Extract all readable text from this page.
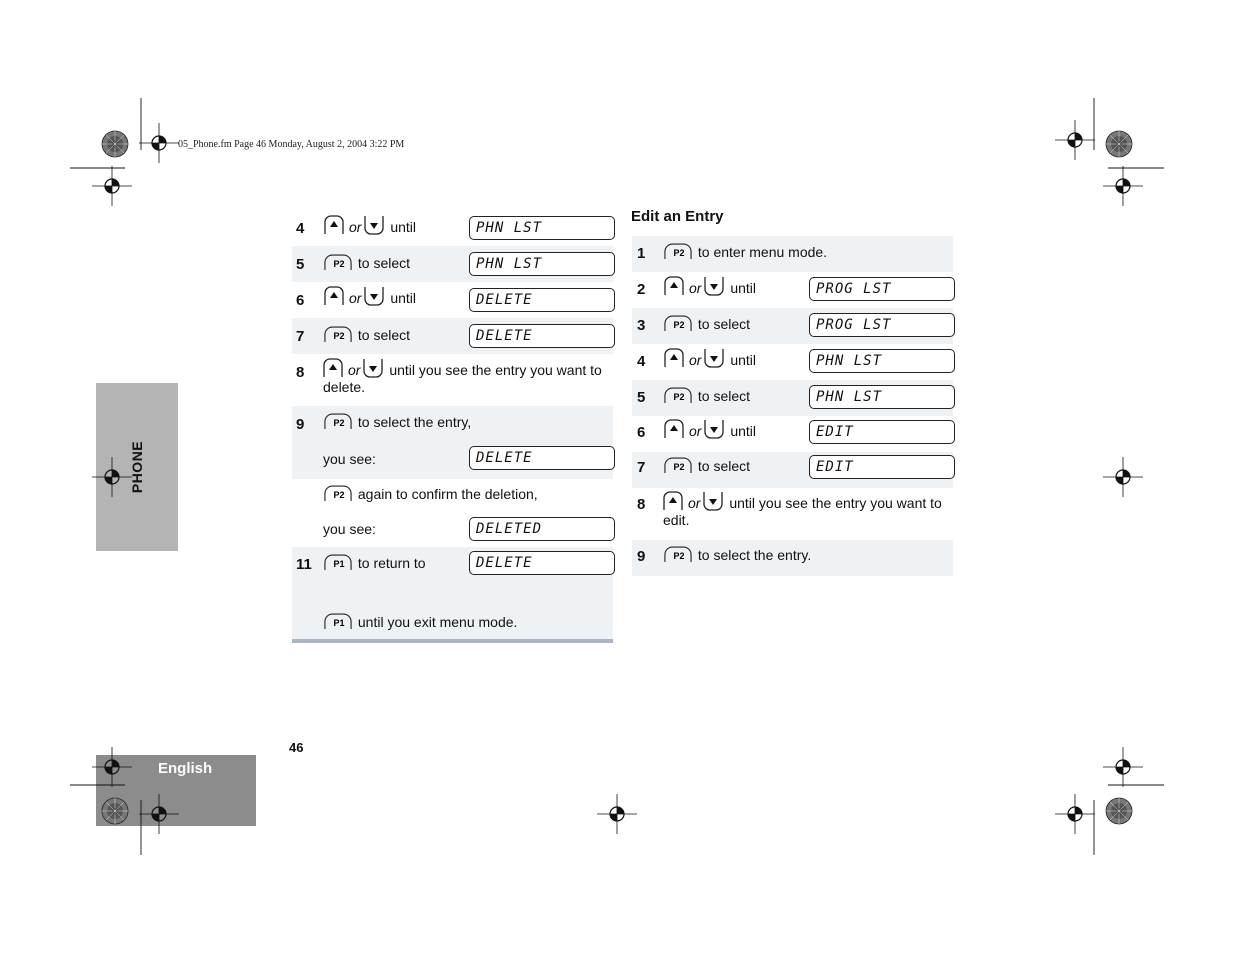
05_Phone.fm Page 46 Monday, August 2, 2004 3:22 PM
PHONE
English
46
4	or until	PHN LST
5	P2 to select	PHN LST
6	or until	DELETE
7	P2 to select	DELETE
8	or until you see the entry you want to delete.
9	P2 to select the entry,
you see:	DELETE
P2 again to confirm the deletion,
you see:	DELETED
11 P1 to return to	DELETE
P1 until you exit menu mode.
Edit an Entry
1	P2 to enter menu mode.
2	or until	PROG LST
3	P2 to select	PROG LST
4	or until	PHN LST
5	P2 to select	PHN LST
6	or until	EDIT
7	P2 to select	EDIT
8	or until you see the entry you want to edit.
9	P2 to select the entry.
